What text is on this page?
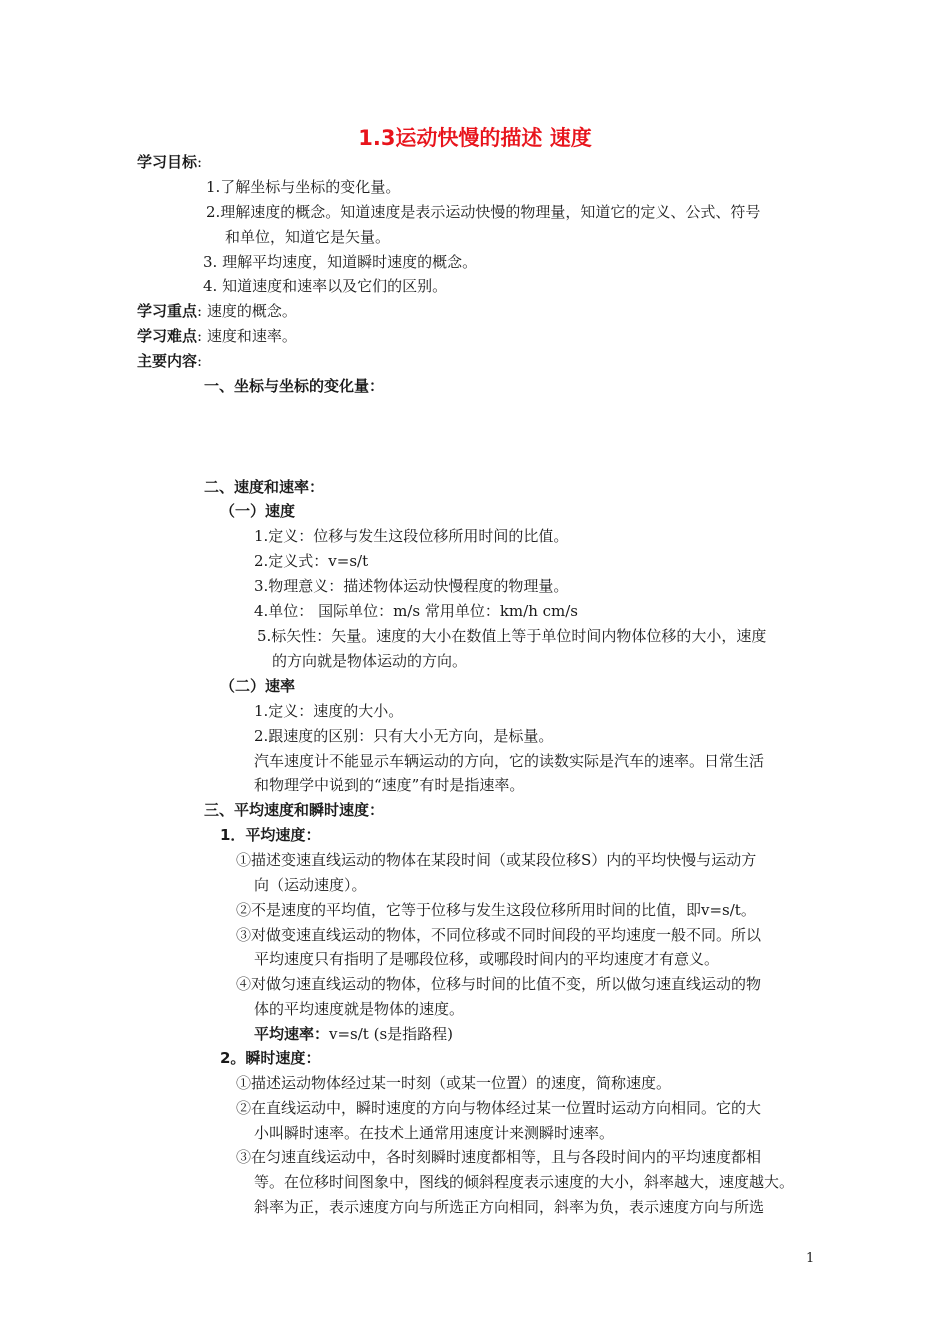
1.3运动快慢的描述 速度
学习目标:
1.了解坐标与坐标的变化量。
2.理解速度的概念。知道速度是表示运动快慢的物理量，知道它的定义、公式、符号
和单位，知道它是矢量。
3. 理解平均速度，知道瞬时速度的概念。
4. 知道速度和速率以及它们的区别。
学习重点: 速度的概念。
学习难点: 速度和速率。
主要内容:
一、坐标与坐标的变化量：
二、速度和速率：
（一）速度
1.定义：位移与发生这段位移所用时间的比值。
2.定义式：v=s/t
3.物理意义：描述物体运动快慢程度的物理量。
4.单位： 国际单位：m/s 常用单位：km/h cm/s
5.标矢性：矢量。速度的大小在数值上等于单位时间内物体位移的大小，速度
的方向就是物体运动的方向。
（二）速率
1.定义：速度的大小。
2.跟速度的区别：只有大小无方向，是标量。
汽车速度计不能显示车辆运动的方向，它的读数实际是汽车的速率。日常生活
和物理学中说到的“速度”有时是指速率。
三、平均速度和瞬时速度：
1．平均速度：
①描述变速直线运动的物体在某段时间（或某段位移S）内的平均快慢与运动方
向（运动速度）。
②不是速度的平均值，它等于位移与发生这段位移所用时间的比值，即v=s/t。
③对做变速直线运动的物体，不同位移或不同时间段的平均速度一般不同。所以
平均速度只有指明了是哪段位移，或哪段时间内的平均速度才有意义。
④对做匀速直线运动的物体，位移与时间的比值不变，所以做匀速直线运动的物
体的平均速度就是物体的速度。
平均速率：v=s/t (s是指路程)
2。瞬时速度：
①描述运动物体经过某一时刻（或某一位置）的速度，简称速度。
②在直线运动中，瞬时速度的方向与物体经过某一位置时运动方向相同。它的大
小叫瞬时速率。在技术上通常用速度计来测瞬时速率。
③在匀速直线运动中，各时刻瞬时速度都相等，且与各段时间内的平均速度都相
等。在位移时间图象中，图线的倾斜程度表示速度的大小，斜率越大，速度越大。
斜率为正，表示速度方向与所选正方向相同，斜率为负，表示速度方向与所选
1
